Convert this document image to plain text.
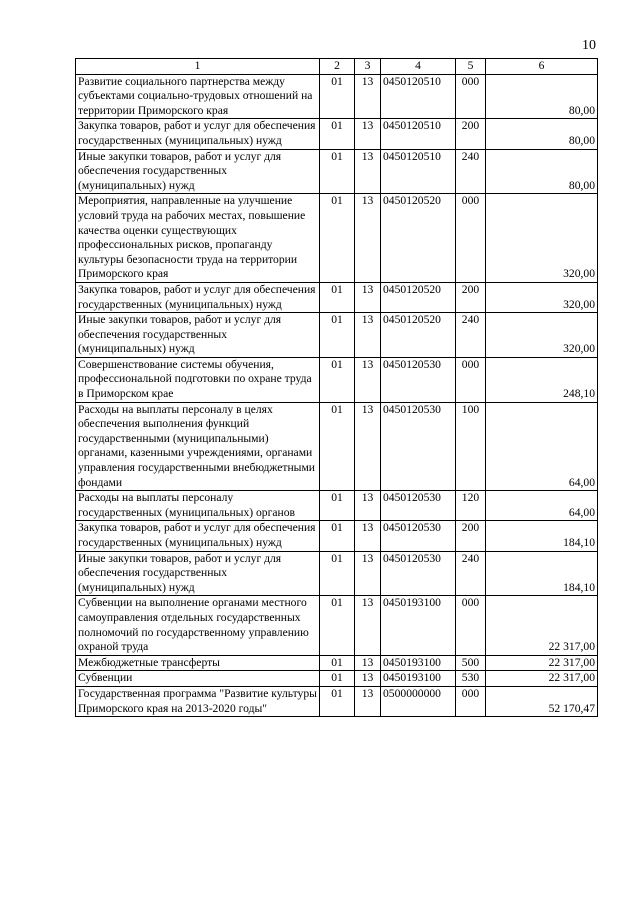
10
1	2	3	4	5	6
Развитие социального партнерства между субъектами социально-трудовых отношений на территории Приморского края	01	13	0450120510	000	80,00
Закупка товаров, работ и услуг для обеспечения государственных (муниципальных) нужд	01	13	0450120510	200	80,00
Иные закупки товаров, работ и услуг для обеспечения государственных (муниципальных) нужд	01	13	0450120510	240	80,00
Мероприятия, направленные на улучшение условий труда на рабочих местах, повышение качества оценки существующих профессиональных рисков, пропаганду культуры безопасности труда на территории Приморского края	01	13	0450120520	000	320,00
Закупка товаров, работ и услуг для обеспечения государственных (муниципальных) нужд	01	13	0450120520	200	320,00
Иные закупки товаров, работ и услуг для обеспечения государственных (муниципальных) нужд	01	13	0450120520	240	320,00
Совершенствование системы обучения, профессиональной подготовки по охране труда в Приморском крае	01	13	0450120530	000	248,10
Расходы на выплаты персоналу в целях обеспечения выполнения функций государственными (муниципальными) органами, казенными учреждениями, органами управления государственными внебюджетными фондами	01	13	0450120530	100	64,00
Расходы на выплаты персоналу государственных (муниципальных) органов	01	13	0450120530	120	64,00
Закупка товаров, работ и услуг для обеспечения государственных (муниципальных) нужд	01	13	0450120530	200	184,10
Иные закупки товаров, работ и услуг для обеспечения государственных (муниципальных) нужд	01	13	0450120530	240	184,10
Субвенции на выполнение органами местного самоуправления отдельных государственных полномочий по государственному управлению охраной труда	01	13	0450193100	000	22 317,00
Межбюджетные трансферты	01	13	0450193100	500	22 317,00
Субвенции	01	13	0450193100	530	22 317,00
Государственная программа "Развитие культуры Приморского края на 2013-2020 годы"	01	13	0500000000	000	52 170,47
